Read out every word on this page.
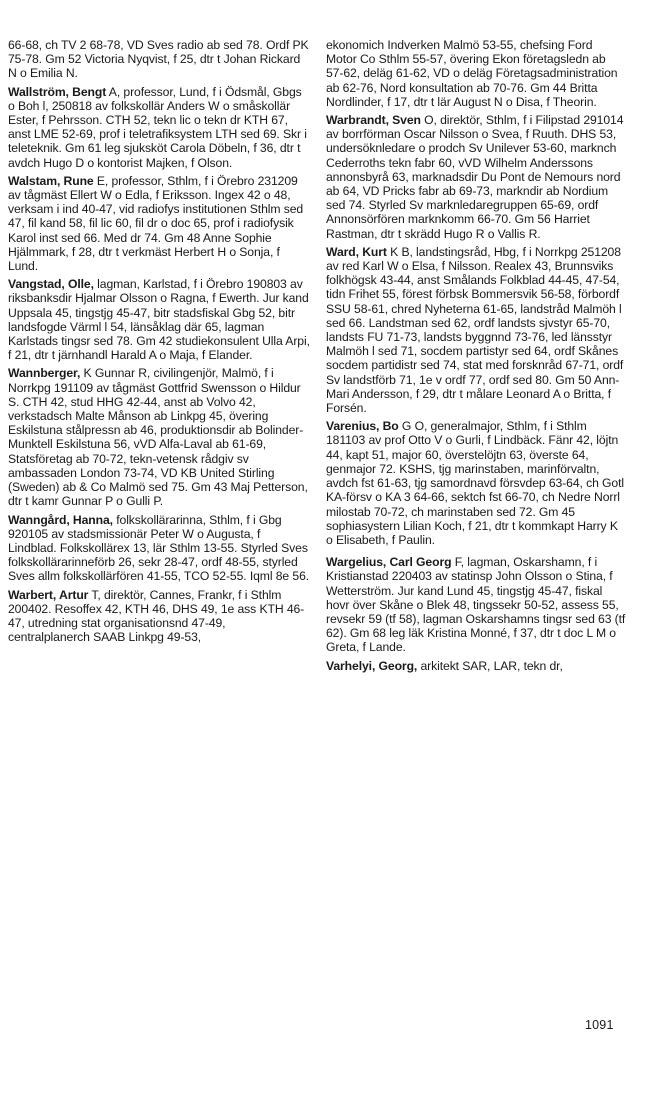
66-68, ch TV 2 68-78, VD Sves radio ab sed 78. Ordf PK 75-78. Gm 52 Victoria Nyqvist, f 25, dtr t Johan Rickard N o Emilia N.
Wallström, Bengt A, professor, Lund, f i Ödsmål, Gbgs o Boh l, 250818 av folkskollär Anders W o småskollär Ester, f Pehrsson. CTH 52, tekn lic o tekn dr KTH 67, anst LME 52-69, prof i teletrafiksystem LTH sed 69. Skr i teleteknik. Gm 61 leg sjuksköt Carola Döbeln, f 36, dtr t avdch Hugo D o kontorist Majken, f Olson.
Walstam, Rune E, professor, Sthlm, f i Örebro 231209 av tågmäst Ellert W o Edla, f Eriksson. Ingex 42 o 48, verksam i ind 40-47, vid radiofys institutionen Sthlm sed 47, fil kand 58, fil lic 60, fil dr o doc 65, prof i radiofysik Karol inst sed 66. Med dr 74. Gm 48 Anne Sophie Hjälmmark, f 28, dtr t verkmäst Herbert H o Sonja, f Lund.
Vangstad, Olle, lagman, Karlstad, f i Örebro 190803 av riksbanksdir Hjalmar Olsson o Ragna, f Ewerth. Jur kand Uppsala 45, tingstjg 45-47, bitr stadsfiskal Gbg 52, bitr landsfogde Värml l 54, länsåklag där 65, lagman Karlstads tingsr sed 78. Gm 42 studiekonsulent Ulla Arpi, f 21, dtr t järnhandl Harald A o Maja, f Elander.
Wannberger, K Gunnar R, civilingenjör, Malmö, f i Norrkpg 191109 av tågmäst Gottfrid Swensson o Hildur S. CTH 42, stud HHG 42-44, anst ab Volvo 42, verkstadsch Malte Månson ab Linkpg 45, övering Eskilstuna stålpressn ab 46, produktionsdir ab Bolinder-Munktell Eskilstuna 56, vVD Alfa-Laval ab 61-69, Statsföretag ab 70-72, tekn-vetensk rådgiv sv ambassaden London 73-74, VD KB United Stirling (Sweden) ab & Co Malmö sed 75. Gm 43 Maj Petterson, dtr t kamr Gunnar P o Gulli P.
Wanngård, Hanna, folkskollärarinna, Sthlm, f i Gbg 920105 av stadsmissionär Peter W o Augusta, f Lindblad. Folkskollärex 13, lär Sthlm 13-55. Styrled Sves folkskollärarinneförb 26, sekr 28-47, ordf 48-55, styrled Sves allm folkskollärfören 41-55, TCO 52-55. Iqml 8e 56.
Warbert, Artur T, direktör, Cannes, Frankr, f i Sthlm 200402. Resoffex 42, KTH 46, DHS 49, 1e ass KTH 46-47, utredning stat organisationsnd 47-49, centralplanerch SAAB Linkpg 49-53,
ekonomich Indverken Malmö 53-55, chefsing Ford Motor Co Sthlm 55-57, övering Ekon företagsledn ab 57-62, deläg 61-62, VD o deläg Företagsadministration ab 62-76, Nord konsultation ab 70-76. Gm 44 Britta Nordlinder, f 17, dtr t lär August N o Disa, f Theorin.
Warbrandt, Sven O, direktör, Sthlm, f i Filipstad 291014 av borrförman Oscar Nilsson o Svea, f Ruuth. DHS 53, undersöknledare o prodch Sv Unilever 53-60, marknch Cederroths tekn fabr 60, vVD Wilhelm Anderssons annonsbyrå 63, marknadsdir Du Pont de Nemours nord ab 64, VD Pricks fabr ab 69-73, markndir ab Nordium sed 74. Styrled Sv marknledaregruppen 65-69, ordf Annonsörfören marknkomm 66-70. Gm 56 Harriet Rastman, dtr t skrädd Hugo R o Vallis R.
Ward, Kurt K B, landstingsråd, Hbg, f i Norrkpg 251208 av red Karl W o Elsa, f Nilsson. Realex 43, Brunnsviks folkhögsk 43-44, anst Smålands Folkblad 44-45, 47-54, tidn Frihet 55, förest förbsk Bommersvik 56-58, förbordf SSU 58-61, chred Nyheterna 61-65, landstråd Malmöh l sed 66. Landstman sed 62, ordf landsts sjvstyr 65-70, landsts FU 71-73, landsts byggnnd 73-76, led länsstyr Malmöh l sed 71, socdem partistyr sed 64, ordf Skånes socdem partidistr sed 74, stat med forsknråd 67-71, ordf Sv landstförb 71, 1e v ordf 77, ordf sed 80. Gm 50 Ann-Mari Andersson, f 29, dtr t målare Leonard A o Britta, f Forsén.
Varenius, Bo G O, generalmajor, Sthlm, f i Sthlm 181103 av prof Otto V o Gurli, f Lindbäck. Fänr 42, löjtn 44, kapt 51, major 60, överstelöjtn 63, överste 64, genmajor 72. KSHS, tjg marinstaben, marinförvaltn, avdch fst 61-63, tjg samordnavd försvdep 63-64, ch Gotl KA-försv o KA 3 64-66, sektch fst 66-70, ch Nedre Norrl milostab 70-72, ch marinstaben sed 72. Gm 45 sophiasystern Lilian Koch, f 21, dtr t kommkapt Harry K o Elisabeth, f Paulin.
Wargelius, Carl Georg F, lagman, Oskarshamn, f i Kristianstad 220403 av statinsp John Olsson o Stina, f Wetterström. Jur kand Lund 45, tingstjg 45-47, fiskal hovr över Skåne o Blek 48, tingssekr 50-52, assess 55, revsekr 59 (tf 58), lagman Oskarshamns tingsr sed 63 (tf 62). Gm 68 leg läk Kristina Monné, f 37, dtr t doc L M o Greta, f Lande.
Varhelyi, Georg, arkitekt SAR, LAR, tekn dr,
1091
